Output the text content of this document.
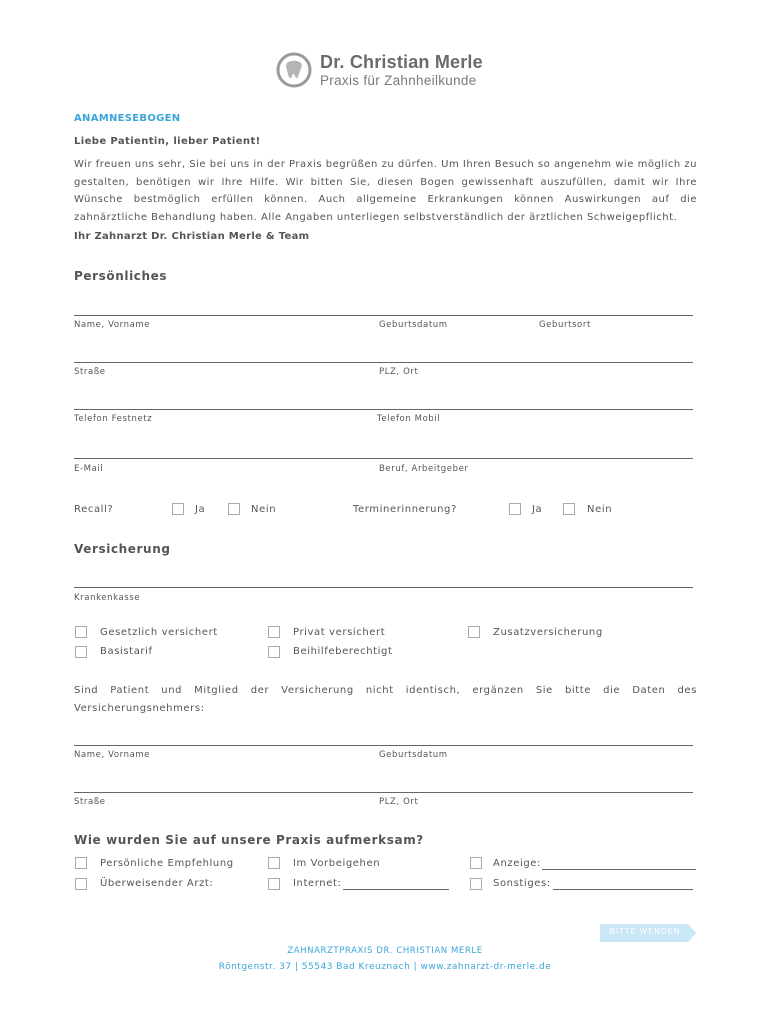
Dr. Christian Merle
Praxis für Zahnheilkunde
ANAMNESEBOGEN
Liebe Patientin, lieber Patient!
Wir freuen uns sehr, Sie bei uns in der Praxis begrüßen zu dürfen. Um Ihren Besuch so angenehm wie möglich zu gestalten, benötigen wir Ihre Hilfe. Wir bitten Sie, diesen Bogen gewissenhaft auszufüllen, damit wir Ihre Wünsche bestmöglich erfüllen können. Auch allgemeine Erkrankungen können Auswirkungen auf die zahnärztliche Behandlung haben. Alle Angaben unterliegen selbstverständlich der ärztlichen Schweigepflicht.
Ihr Zahnarzt Dr. Christian Merle & Team
Persönliches
Name, Vorname	Geburtsdatum	Geburtsort
Straße	PLZ, Ort
Telefon Festnetz	Telefon Mobil
E-Mail	Beruf, Arbeitgeber
Recall?	Ja	Nein	Terminerinnerung?	Ja	Nein
Versicherung
Krankenkasse
Gesetzlich versichert	Privat versichert	Zusatzversicherung
Basistarif	Beihilfeberechtigt
Sind Patient und Mitglied der Versicherung nicht identisch, ergänzen Sie bitte die Daten des Versicherungsnehmers:
Name, Vorname	Geburtsdatum
Straße	PLZ, Ort
Wie wurden Sie auf unsere Praxis aufmerksam?
Persönliche Empfehlung	Im Vorbeigehen	Anzeige:
Überweisender Arzt:	Internet:	Sonstiges:
BITTE WENDEN
ZAHNARZTPRAXIS DR. CHRISTIAN MERLE
Röntgenstr. 37 | 55543 Bad Kreuznach | www.zahnarzt-dr-merle.de
